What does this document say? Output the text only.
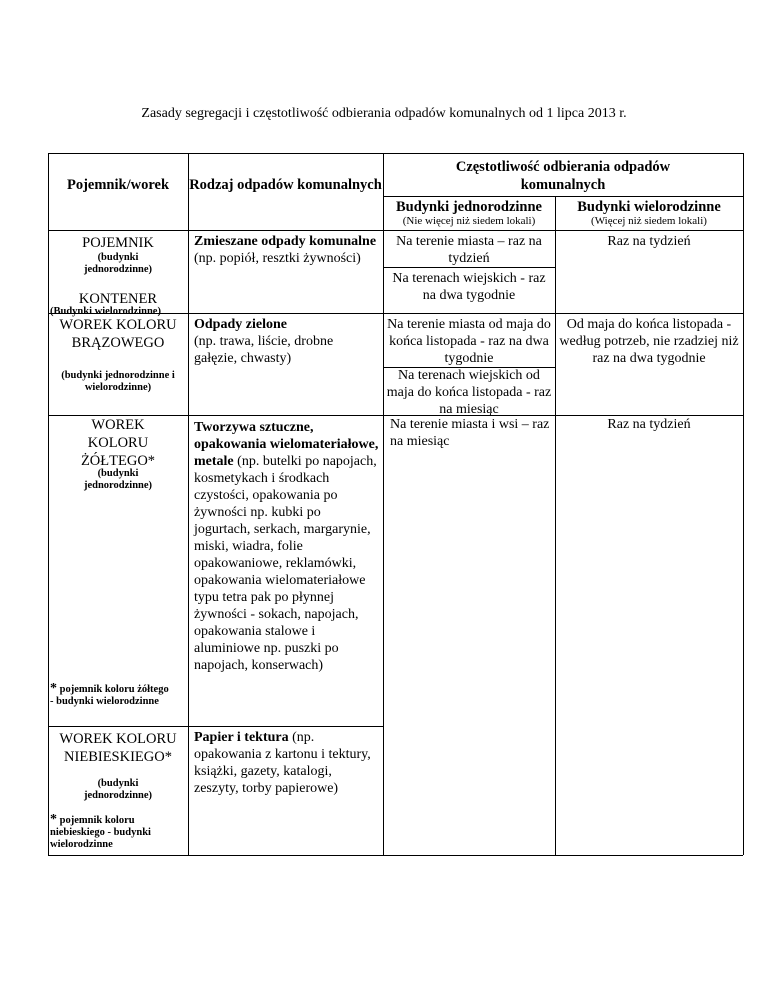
Zasady segregacji i częstotliwość odbierania odpadów komunalnych od 1 lipca 2013 r.
Pojemnik/worek	Rodzaj odpadów komunalnych
Częstotliwość odbierania odpadów komunalnych
Budynki jednorodzinne
(Nie więcej niż siedem lokali)
Budynki wielorodzinne
(Więcej niż siedem lokali)
POJEMNIK
(budynki jednorodzinne)
KONTENER
(Budynki wielorodzinne)
Zmieszane odpady komunalne (np. popiół, resztki żywności)
Na terenie miasta – raz na tydzień
Na terenach wiejskich - raz na dwa tygodnie
Raz na tydzień
WOREK KOLORU BRĄZOWEGO
(budynki jednorodzinne i wielorodzinne)
Odpady zielone
(np. trawa, liście, drobne gałęzie, chwasty)
Na terenie miasta od maja do końca listopada - raz na dwa tygodnie
Na terenach wiejskich od maja do końca listopada - raz na miesiąc
Od maja do końca listopada - według potrzeb, nie rzadziej niż raz na dwa tygodnie
WOREK KOLORU ŻÓŁTEGO*
(budynki jednorodzinne)
* pojemnik koloru żółtego - budynki wielorodzinne
Tworzywa sztuczne, opakowania wielomateriałowe, metale (np. butelki po napojach, kosmetykach i środkach czystości, opakowania po żywności np. kubki po jogurtach, serkach, margarynie, miski, wiadra, folie opakowaniowe, reklamówki, opakowania wielomateriałowe typu tetra pak po płynnej żywności - sokach, napojach, opakowania stalowe i aluminiowe np. puszki po napojach, konserwach)
Na terenie miasta i wsi – raz na miesiąc
Raz na tydzień
WOREK KOLORU NIEBIESKIEGO*
(budynki jednorodzinne)
* pojemnik koloru niebieskiego - budynki wielorodzinne
Papier i tektura (np. opakowania z kartonu i tektury, książki, gazety, katalogi, zeszyty, torby papierowe)
